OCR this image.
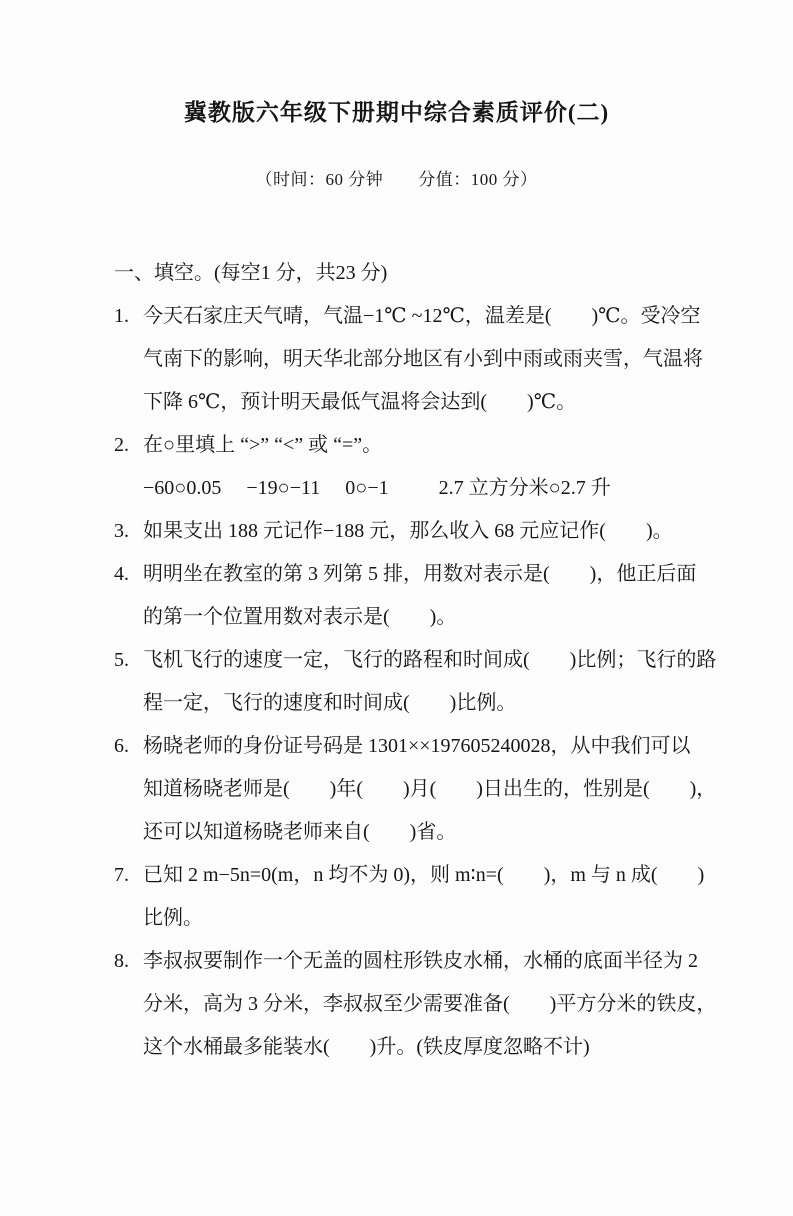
冀教版六年级下册期中综合素质评价(二)
（时间：60 分钟　　分值：100 分）
一、填空。(每空1 分，共23 分)
1. 今天石家庄天气晴，气温−1℃ ~12℃，温差是(　　)℃。受冷空
气南下的影响，明天华北部分地区有小到中雨或雨夹雪，气温将
下降 6℃，预计明天最低气温将会达到(　　)℃。
2. 在○里填上 “>” “<” 或 “=”。
−60○0.05　 −19○−11　 0○−1　　  2.7 立方分米○2.7 升
3. 如果支出 188 元记作−188 元，那么收入 68 元应记作(　　)。
4. 明明坐在教室的第 3 列第 5 排，用数对表示是(　　)，他正后面
的第一个位置用数对表示是(　　)。
5. 飞机飞行的速度一定，飞行的路程和时间成(　　)比例；飞行的路
程一定，飞行的速度和时间成(　　)比例。
6. 杨晓老师的身份证号码是 1301××197605240028，从中我们可以
知道杨晓老师是(　　)年(　　)月(　　)日出生的，性别是(　　)，
还可以知道杨晓老师来自(　　)省。
7. 已知 2 m−5n=0(m，n 均不为 0)，则 m∶n=(　　)，m 与 n 成(　　)
比例。
8. 李叔叔要制作一个无盖的圆柱形铁皮水桶，水桶的底面半径为 2
分米，高为 3 分米，李叔叔至少需要准备(　　)平方分米的铁皮，
这个水桶最多能装水(　　)升。(铁皮厚度忽略不计)
